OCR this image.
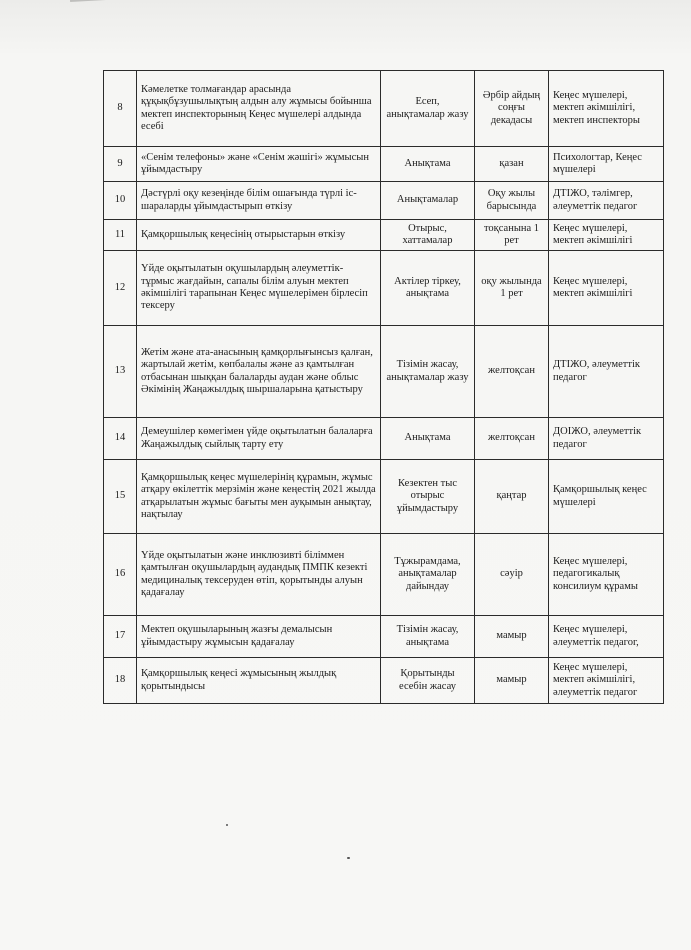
8	Кәмелетке толмағандар арасында құқықбұзушылықтың алдын алу жұмысы бойынша мектеп инспекторының Кеңес мүшелері алдында есебі	Есеп, анықтамалар жазу	Әрбір айдың соңғы декадасы	Кеңес мүшелері, мектеп әкімшілігі, мектеп инспекторы
9	«Сенім телефоны» және «Сенім жәшігі» жұмысын ұйымдастыру	Анықтама	қазан	Психологтар, Кеңес мүшелері
10	Дәстүрлі оқу кезеңінде білім ошағында түрлі іс-шараларды ұйымдастырып өткізу	Анықтамалар	Оқу жылы барысында	ДТІЖО, тәлімгер, әлеуметтік педагог
11	Қамқоршылық кеңесінің отырыстарын өткізу	Отырыс, хаттамалар	тоқсанына 1 рет	Кеңес мүшелері, мектеп әкімшілігі
12	Үйде оқытылатын оқушылардың әлеуметтік-тұрмыс жағдайын, сапалы білім алуын мектеп әкімшілігі тарапынан Кеңес мүшелерімен бірлесіп тексеру	Актілер тіркеу, анықтама	оқу жылында 1 рет	Кеңес мүшелері, мектеп әкімшілігі
13	Жетім және ата-анасының қамқорлығынсыз қалған, жартылай жетім, көпбалалы және аз қамтылған отбасынан шыққан балаларды аудан және облыс Әкімінің Жаңажылдық шыршаларына қатыстыру	Тізімін жасау, анықтамалар жазу	желтоқсан	ДТІЖО, әлеуметтік педагог
14	Демеушілер көмегімен үйде оқытылатын балаларға Жаңажылдық сыйлық тарту ету	Анықтама	желтоқсан	ДОІЖО, әлеуметтік педагог
15	Қамқоршылық кеңес мүшелерінің құрамын, жұмыс атқару өкілеттік мерзімін және кеңестің 2021 жылда атқарылатын жұмыс бағыты мен ауқымын анықтау, нақтылау	Кезектен тыс отырыс ұйымдастыру	қаңтар	Қамқоршылық кеңес мүшелері
16	Үйде оқытылатын және инклюзивті біліммен қамтылған оқушылардың аудандық ПМПК кезекті медициналық тексеруден өтіп, қорытынды алуын қадағалау	Тұжырамдама, анықтамалар дайындау	сәуір	Кеңес мүшелері, педагогикалық консилиум құрамы
17	Мектеп оқушыларының жазғы демалысын ұйымдастыру жұмысын қадағалау	Тізімін жасау, анықтама	мамыр	Кеңес мүшелері, әлеуметтік педагог,
18	Қамқоршылық кеңесі жұмысының жылдық қорытындысы	Қорытынды есебін жасау	мамыр	Кеңес мүшелері, мектеп әкімшілігі, әлеуметтік педагог
